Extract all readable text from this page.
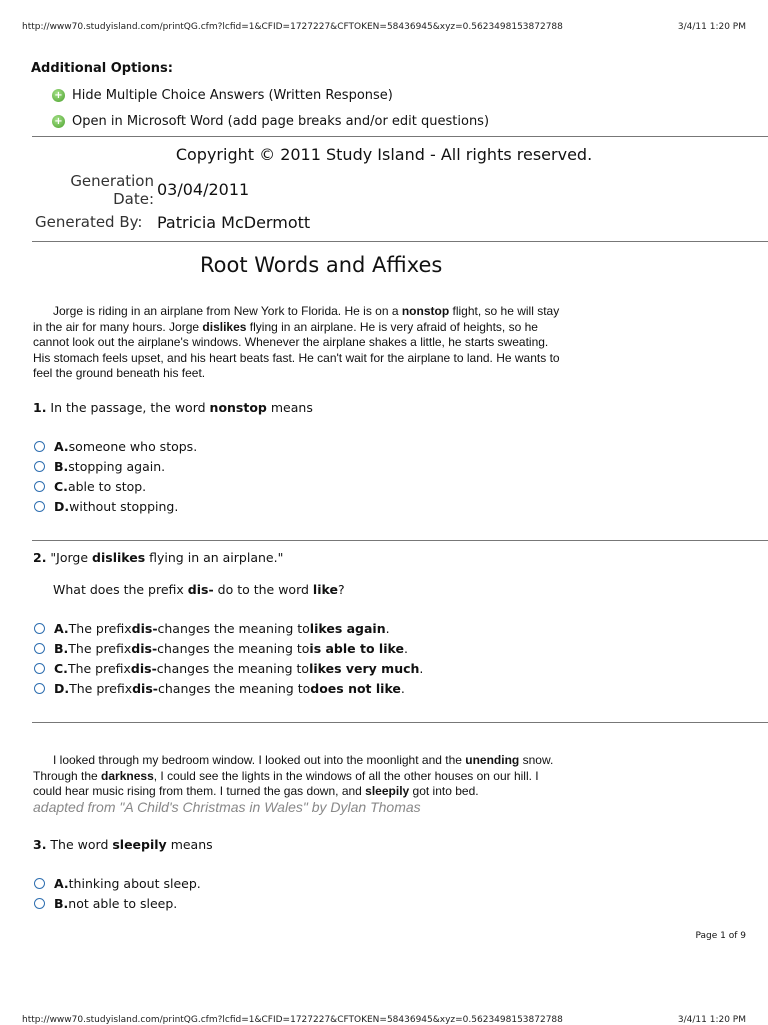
http://www70.studyisland.com/printQG.cfm?lcfid=1&CFID=1727227&CFTOKEN=58436945&xyz=0.5623498153872788	3/4/11 1:20 PM
Additional Options:
+ Hide Multiple Choice Answers (Written Response)
+ Open in Microsoft Word (add page breaks and/or edit questions)
Copyright © 2011 Study Island - All rights reserved.
Generation
Date: 03/04/2011
Generated By: Patricia McDermott
Root Words and Affixes
Jorge is riding in an airplane from New York to Florida. He is on a nonstop flight, so he will stay
in the air for many hours. Jorge dislikes flying in an airplane. He is very afraid of heights, so he
cannot look out the airplane's windows. Whenever the airplane shakes a little, he starts sweating.
His stomach feels upset, and his heart beats fast. He can't wait for the airplane to land. He wants to
feel the ground beneath his feet.
1. In the passage, the word nonstop means
A. someone who stops.
B. stopping again.
C. able to stop.
D. without stopping.
2. "Jorge dislikes flying in an airplane."
What does the prefix dis- do to the word like?
A. The prefix dis- changes the meaning to likes again .
B. The prefix dis- changes the meaning to is able to like .
C. The prefix dis- changes the meaning to likes very much .
D. The prefix dis- changes the meaning to does not like .
I looked through my bedroom window. I looked out into the moonlight and the unending snow.
Through the darkness, I could see the lights in the windows of all the other houses on our hill. I
could hear music rising from them. I turned the gas down, and sleepily got into bed.
adapted from "A Child's Christmas in Wales" by Dylan Thomas
3. The word sleepily means
A. thinking about sleep.
B. not able to sleep.
Page 1 of 9
http://www70.studyisland.com/printQG.cfm?lcfid=1&CFID=1727227&CFTOKEN=58436945&xyz=0.5623498153872788	3/4/11 1:20 PM
